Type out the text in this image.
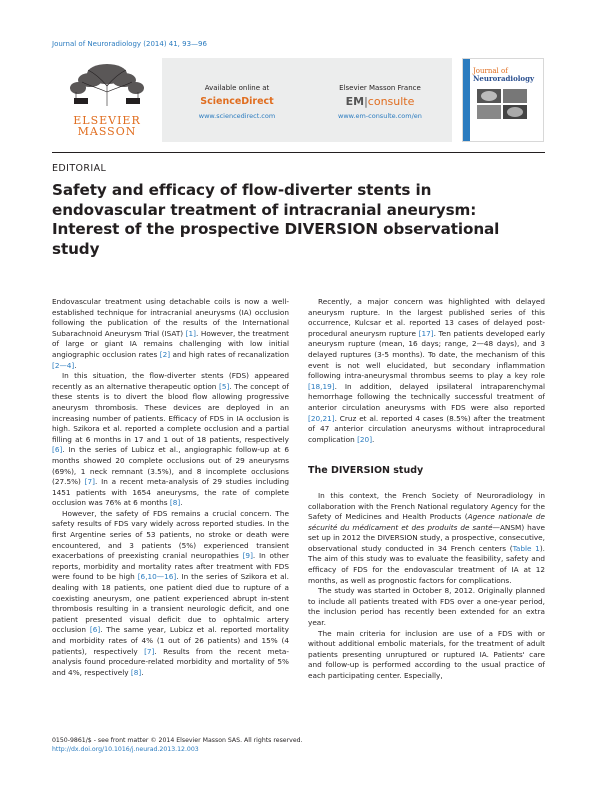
Journal of Neuroradiology (2014) 41, 93—96
ELSEVIER
MASSON
Available online at
ScienceDirect
www.sciencedirect.com
Elsevier Masson France
EM|consulte
www.em-consulte.com/en
Journal of
Neuroradiology
EDITORIAL
Safety and efficacy of flow-diverter stents in
endovascular treatment of intracranial aneurysm:
Interest of the prospective DIVERSION observational
study

Endovascular treatment using detachable coils is now a well-established technique for intracranial aneurysms (IA) occlusion following the publication of the results of the International Subarachnoid Aneurysm Trial (ISAT) [1]. However, the treatment of large or giant IA remains challenging with low initial angiographic occlusion rates [2] and high rates of recanalization [2—4].

In this situation, the flow-diverter stents (FDS) appeared recently as an alternative therapeutic option [5]. The concept of these stents is to divert the blood flow allowing progressive aneurysm thrombosis. These devices are deployed in an increasing number of patients. Efficacy of FDS in IA occlusion is high. Szikora et al. reported a complete occlusion and a partial filling at 6 months in 17 and 1 out of 18 patients, respectively [6]. In the series of Lubicz et al., angiographic follow-up at 6 months showed 20 complete occlusions out of 29 aneurysms (69%), 1 neck remnant (3.5%), and 8 incomplete occlusions (27.5%) [7]. In a recent meta-analysis of 29 studies including 1451 patients with 1654 aneurysms, the rate of complete occlusion was 76% at 6 months [8].

However, the safety of FDS remains a crucial concern. The safety results of FDS vary widely across reported studies. In the first Argentine series of 53 patients, no stroke or death were encountered, and 3 patients (5%) experienced transient exacerbations of preexisting cranial neuropathies [9]. In other reports, morbidity and mortality rates after treatment with FDS were found to be high [6,10—16]. In the series of Szikora et al. dealing with 18 patients, one patient died due to rupture of a coexisting aneurysm, one patient experienced abrupt in-stent thrombosis resulting in a transient neurologic deficit, and one patient presented visual deficit due to ophtalmic artery occlusion [6]. The same year, Lubicz et al. reported mortality and morbidity rates of 4% (1 out of 26 patients) and 15% (4 patients), respectively [7]. Results from the recent meta-analysis found procedure-related morbidity and mortality of 5% and 4%, respectively [8].

Recently, a major concern was highlighted with delayed aneurysm rupture. In the largest published series of this occurrence, Kulcsar et al. reported 13 cases of delayed post-procedural aneurysm rupture [17]. Ten patients developed early aneurysm rupture (mean, 16 days; range, 2—48 days), and 3 delayed ruptures (3-5 months). To date, the mechanism of this event is not well elucidated, but secondary inflammation following intra-aneurysmal thrombus seems to play a key role [18,19]. In addition, delayed ipsilateral intraparenchymal hemorrhage following the technically successful treatment of anterior circulation aneurysms with FDS were also reported [20,21]. Cruz et al. reported 4 cases (8.5%) after the treatment of 47 anterior circulation aneurysms without intraprocedural complication [20].

The DIVERSION study

In this context, the French Society of Neuroradiology in collaboration with the French National regulatory Agency for the Safety of Medicines and Health Products (Agence nationale de sécurité du médicament et des produits de santé—ANSM) have set up in 2012 the DIVERSION study, a prospective, consecutive, observational study conducted in 34 French centers (Table 1). The aim of this study was to evaluate the feasibility, safety and efficacy of FDS for the endovascular treatment of IA at 12 months, as well as prognostic factors for complications.

The study was started in October 8, 2012. Originally planned to include all patients treated with FDS over a one-year period, the inclusion period has recently been extended for an extra year.

The main criteria for inclusion are use of a FDS with or without additional embolic materials, for the treatment of adult patients presenting unruptured or ruptured IA. Patients' care and follow-up is performed according to the usual practice of each participating center. Especially,

0150-9861/$ - see front matter © 2014 Elsevier Masson SAS. All rights reserved.
http://dx.doi.org/10.1016/j.neurad.2013.12.003
